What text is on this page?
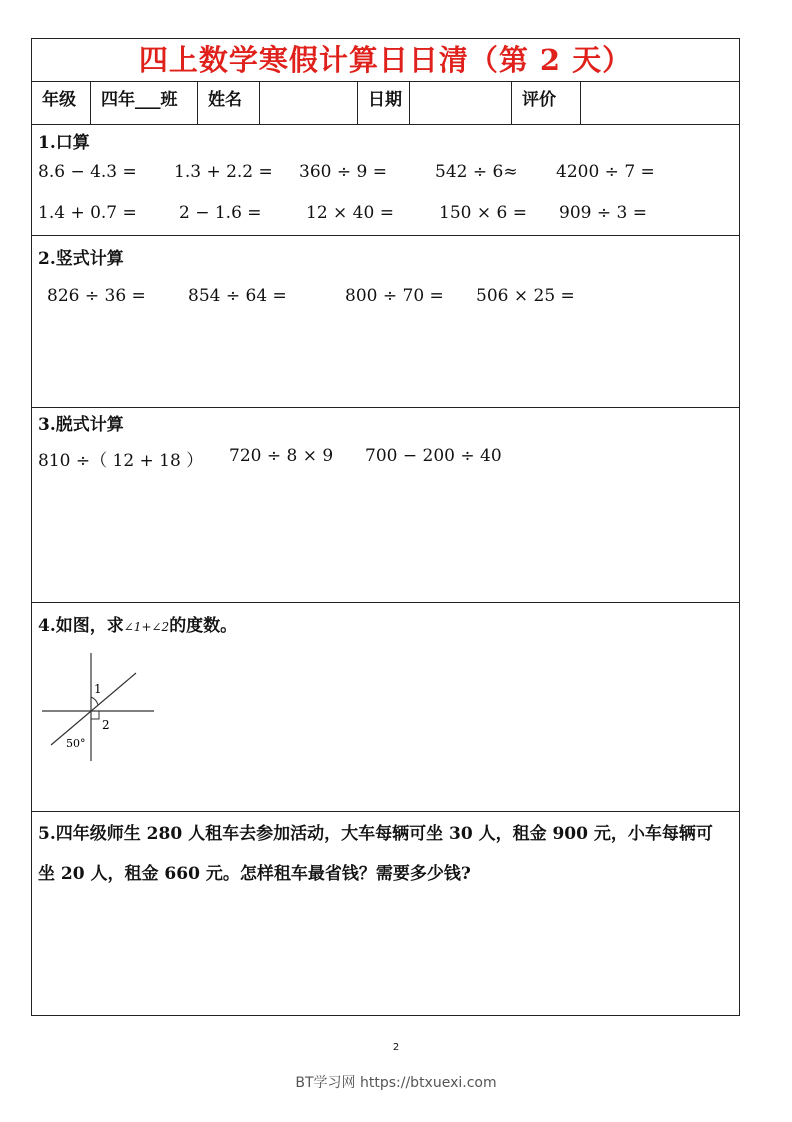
四上数学寒假计算日日清（第 2 天）
年级	四年___班	姓名	日期	评价
1.口算
8.6 − 4.3 = 1.3 + 2.2 = 360 ÷ 9 =	542 ÷ 6≈ 4200 ÷ 7 =
1.4 + 0.7 = 2 − 1.6 =	12 × 40 =	150 × 6 = 909 ÷ 3 =
2.竖式计算
826 ÷ 36 = 854 ÷ 64 =	800 ÷ 70 = 506 × 25 =
3.脱式计算
810 ÷（ 12 + 18 ） 720 ÷ 8 × 9 700 − 200 ÷ 40
4.如图，求∠1+∠2的度数。
1
2
50°
5.四年级师生 280 人租车去参加活动，大车每辆可坐 30 人，租金 900 元，小车每辆可
坐 20 人，租金 660 元。怎样租车最省钱？需要多少钱?
2
BT学习网 https://btxuexi.com
